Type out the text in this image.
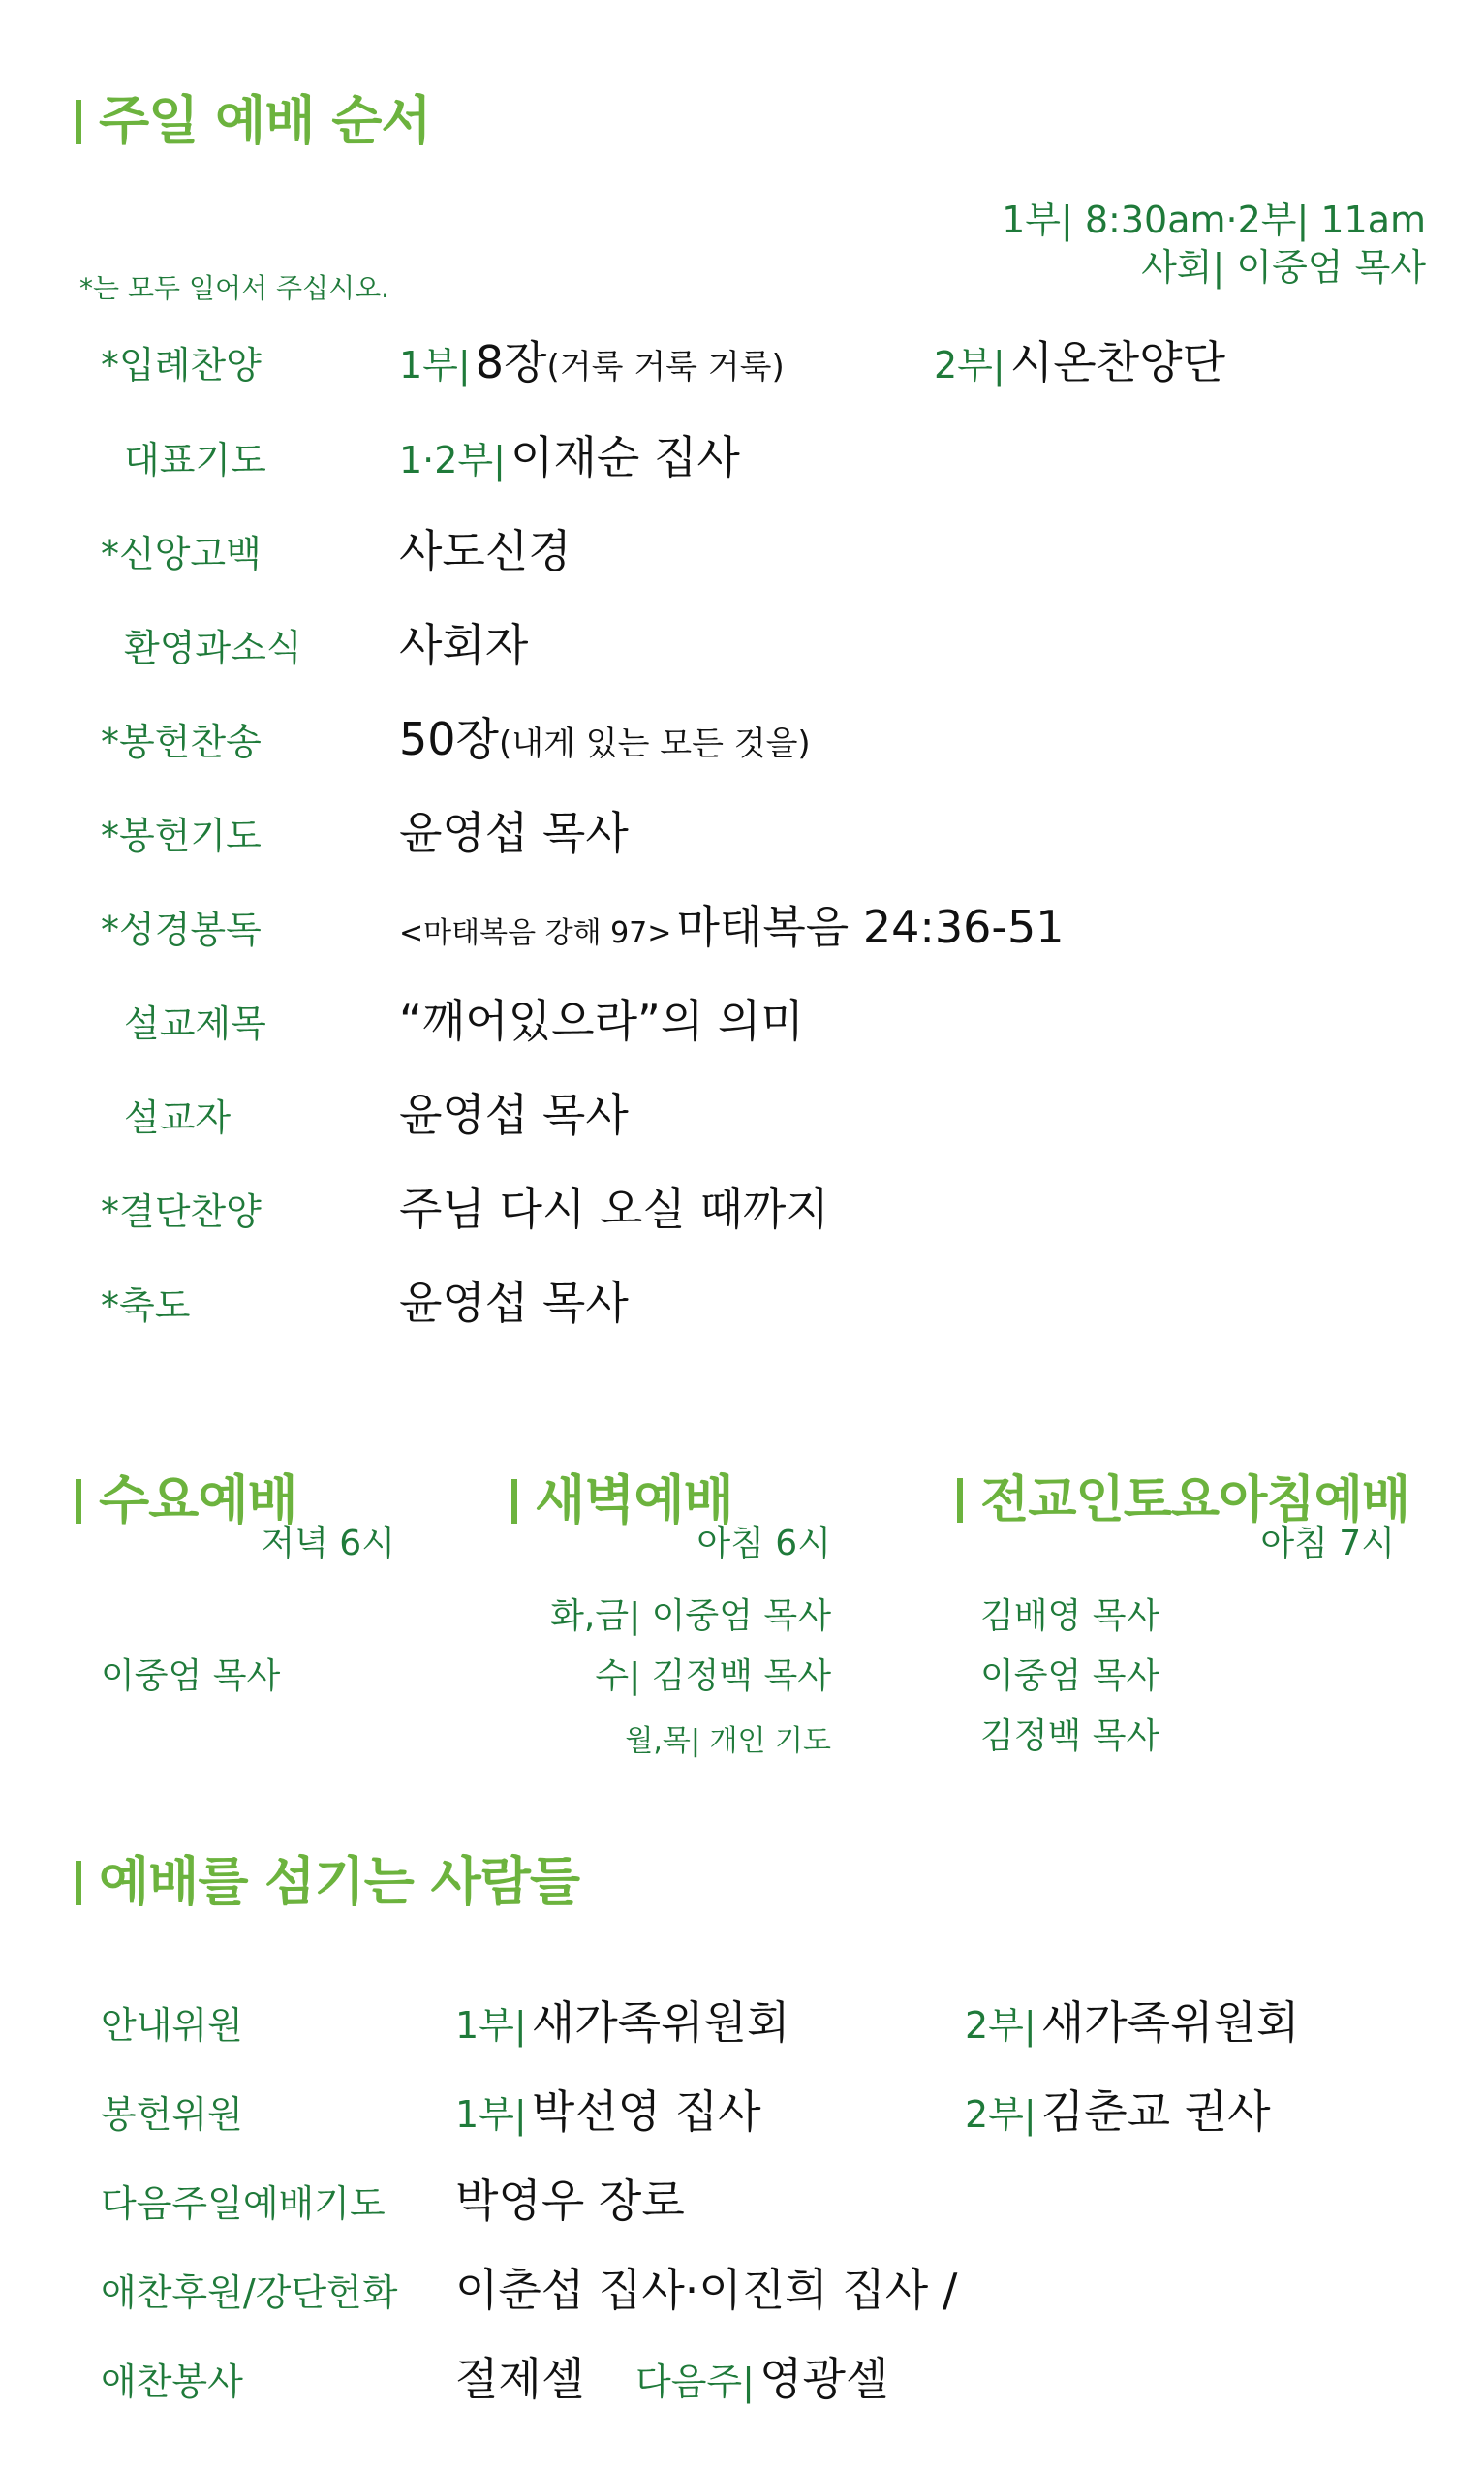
주일 예배 순서
1부| 8:30am·2부| 11am
사회| 이중엄 목사
*는 모두 일어서 주십시오.
*입례찬양	1부| 8장(거룩 거룩 거룩)	2부| 시온찬양단
대표기도	1·2부| 이재순 집사
*신앙고백	사도신경
환영과소식 사회자
*봉헌찬송	50장(내게 있는 모든 것을)
*봉헌기도	윤영섭 목사
*성경봉독	<마태복음 강해 97> 마태복음 24:36-51
설교제목	“깨어있으라”의 의미
설교자	윤영섭 목사
*결단찬양	주님 다시 오실 때까지
*축도	윤영섭 목사
수요예배
저녁 6시
이중엄 목사
새벽예배
아침 6시
화,금| 이중엄 목사
수| 김정백 목사
월,목| 개인 기도
전교인토요아침예배
아침 7시
김배영 목사
이중엄 목사
김정백 목사
예배를 섬기는 사람들
안내위원	1부| 새가족위원회	2부| 새가족위원회
봉헌위원	1부| 박선영 집사	2부| 김춘교 권사
다음주일예배기도 박영우 장로
애찬후원/강단헌화 이춘섭 집사·이진희 집사 /
애찬봉사	절제셀 다음주| 영광셀
